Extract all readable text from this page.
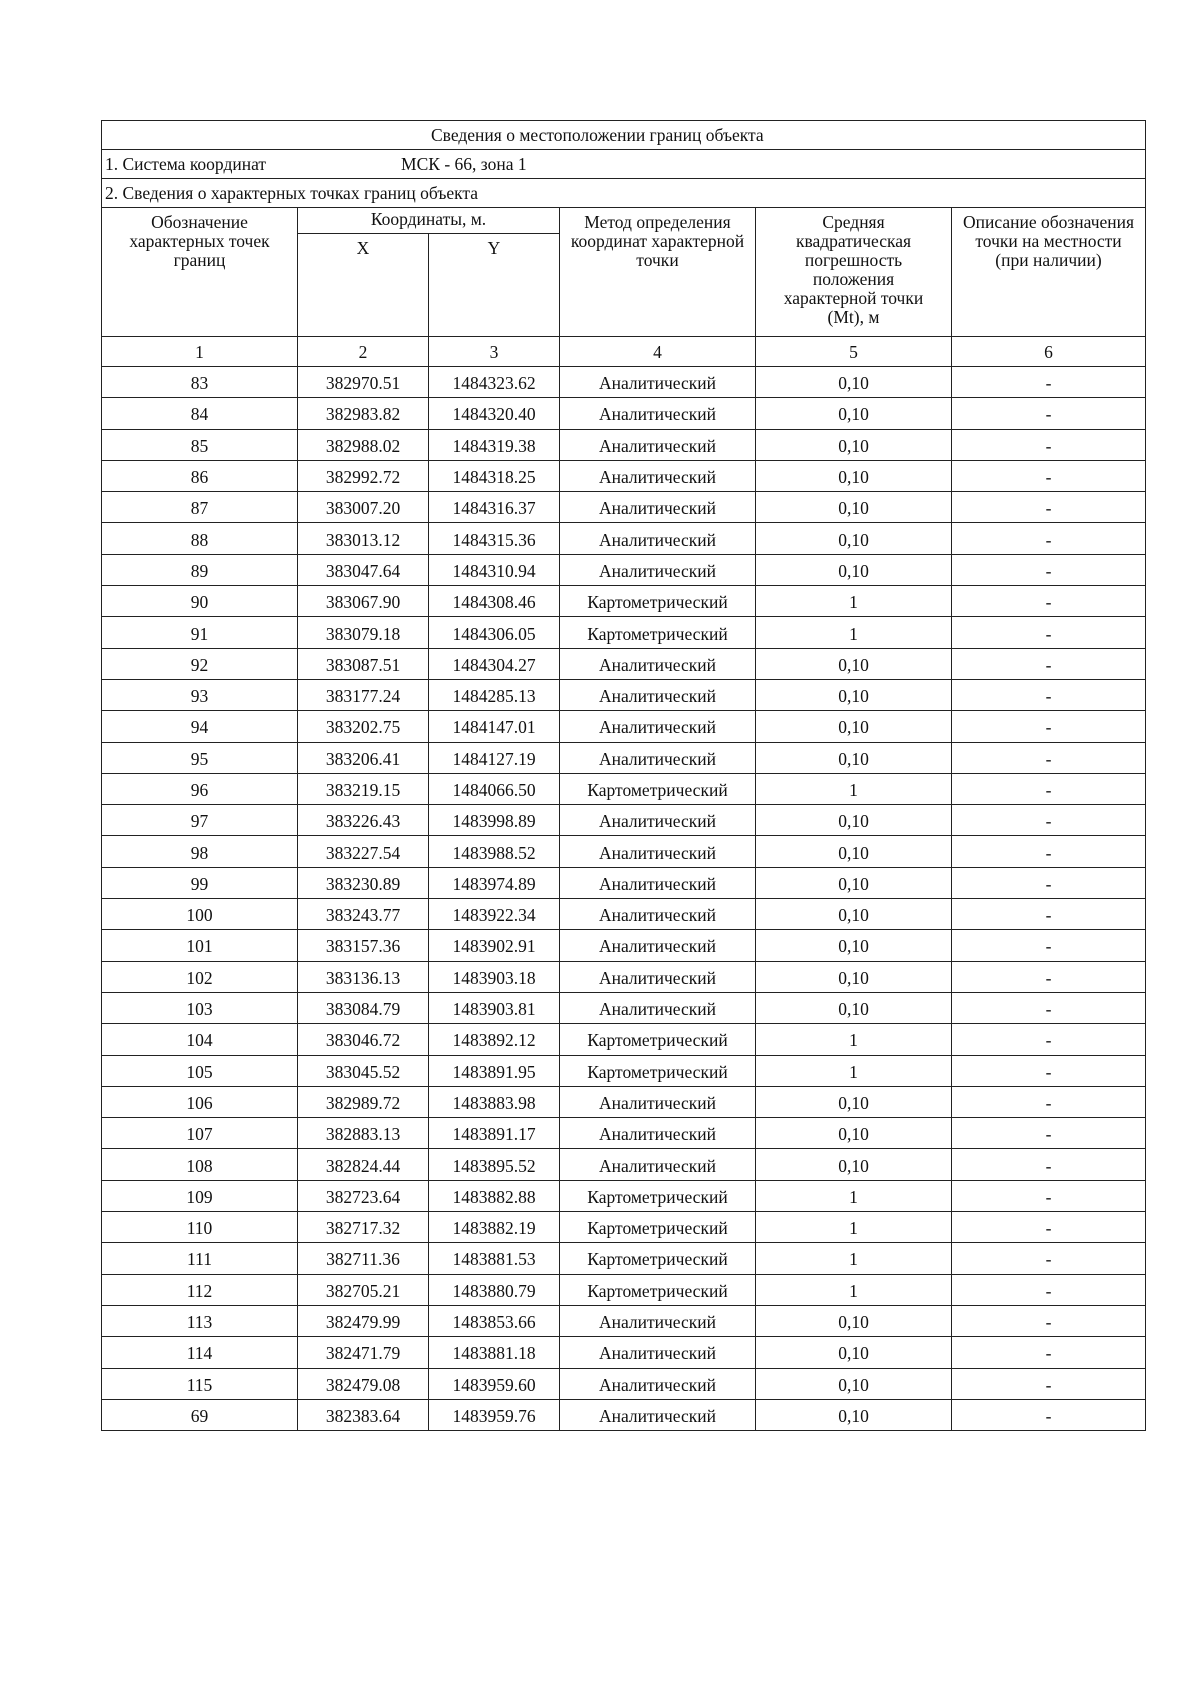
Сведения о местоположении границ объекта					
1. Система координат МСК - 66, зона 1					
2. Сведения о характерных точках границ объекта					
Обозначение характерных точек границ	Координаты, м.		Метод определения координат характерной точки	Средняя квадратическая погрешность положения характерной точки (Mt), м	Описание обозначения точки на местности (при наличии)
	X	Y			
1	2	3	4	5	6
83	382970.51	1484323.62	Аналитический	0,10	-
84	382983.82	1484320.40	Аналитический	0,10	-
85	382988.02	1484319.38	Аналитический	0,10	-
86	382992.72	1484318.25	Аналитический	0,10	-
87	383007.20	1484316.37	Аналитический	0,10	-
88	383013.12	1484315.36	Аналитический	0,10	-
89	383047.64	1484310.94	Аналитический	0,10	-
90	383067.90	1484308.46	Картометрический	1	-
91	383079.18	1484306.05	Картометрический	1	-
92	383087.51	1484304.27	Аналитический	0,10	-
93	383177.24	1484285.13	Аналитический	0,10	-
94	383202.75	1484147.01	Аналитический	0,10	-
95	383206.41	1484127.19	Аналитический	0,10	-
96	383219.15	1484066.50	Картометрический	1	-
97	383226.43	1483998.89	Аналитический	0,10	-
98	383227.54	1483988.52	Аналитический	0,10	-
99	383230.89	1483974.89	Аналитический	0,10	-
100	383243.77	1483922.34	Аналитический	0,10	-
101	383157.36	1483902.91	Аналитический	0,10	-
102	383136.13	1483903.18	Аналитический	0,10	-
103	383084.79	1483903.81	Аналитический	0,10	-
104	383046.72	1483892.12	Картометрический	1	-
105	383045.52	1483891.95	Картометрический	1	-
106	382989.72	1483883.98	Аналитический	0,10	-
107	382883.13	1483891.17	Аналитический	0,10	-
108	382824.44	1483895.52	Аналитический	0,10	-
109	382723.64	1483882.88	Картометрический	1	-
110	382717.32	1483882.19	Картометрический	1	-
111	382711.36	1483881.53	Картометрический	1	-
112	382705.21	1483880.79	Картометрический	1	-
113	382479.99	1483853.66	Аналитический	0,10	-
114	382471.79	1483881.18	Аналитический	0,10	-
115	382479.08	1483959.60	Аналитический	0,10	-
69	382383.64	1483959.76	Аналитический	0,10	-
